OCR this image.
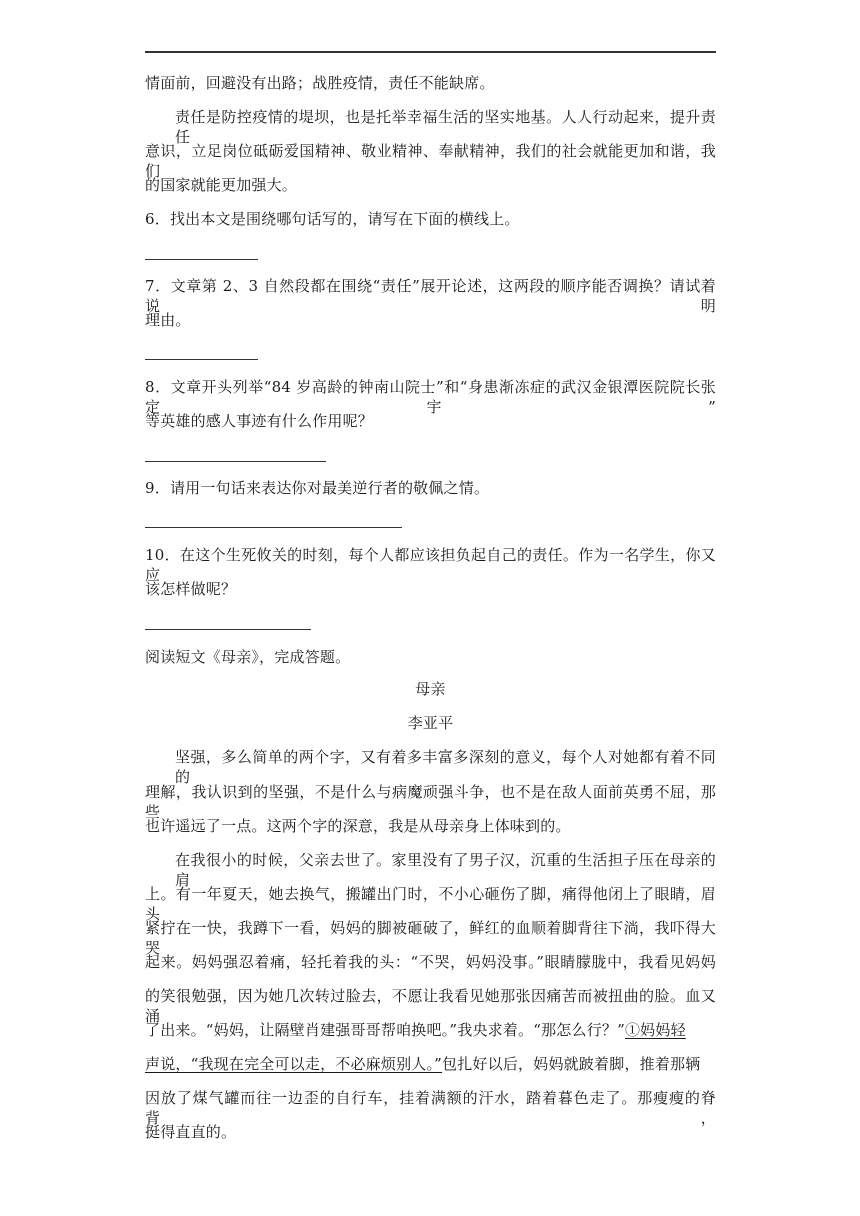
情面前，回避没有出路；战胜疫情，责任不能缺席。
责任是防控疫情的堤坝，也是托举幸福生活的坚实地基。人人行动起来，提升责任
意识，立足岗位砥砺爱国精神、敬业精神、奉献精神，我们的社会就能更加和谐，我们
的国家就能更加强大。
6．找出本文是围绕哪句话写的，请写在下面的横线上。
7．文章第 2、3 自然段都在围绕“责任”展开论述，这两段的顺序能否调换？请试着说明
理由。
8．文章开头列举“84 岁高龄的钟南山院士”和“身患渐冻症的武汉金银潭医院院长张定宇”
等英雄的感人事迹有什么作用呢？
9．请用一句话来表达你对最美逆行者的敬佩之情。
10．在这个生死攸关的时刻，每个人都应该担负起自己的责任。作为一名学生，你又应
该怎样做呢？
阅读短文《母亲》，完成答题。
母亲
李亚平
坚强，多么简单的两个字，又有着多丰富多深刻的意义，每个人对她都有着不同的
理解，我认识到的坚强，不是什么与病魔顽强斗争，也不是在敌人面前英勇不屈，那些
也许遥远了一点。这两个字的深意，我是从母亲身上体味到的。
在我很小的时候，父亲去世了。家里没有了男子汉，沉重的生活担子压在母亲的肩
上。有一年夏天，她去换气，搬罐出门时，不小心砸伤了脚，痛得他闭上了眼睛，眉头
紧拧在一快，我蹲下一看，妈妈的脚被砸破了，鲜红的血顺着脚背往下淌，我吓得大哭
起来。妈妈强忍着痛，轻托着我的头：“不哭，妈妈没事。”眼睛朦胧中，我看见妈妈
的笑很勉强，因为她几次转过脸去，不愿让我看见她那张因痛苦而被扭曲的脸。血又涌
了出来。“妈妈，让隔壁肖建强哥哥帮咱换吧。”我央求着。“那怎么行？”①妈妈轻
声说，“我现在完全可以走，不必麻烦别人。”包扎好以后，妈妈就跛着脚，推着那辆
因放了煤气罐而往一边歪的自行车，挂着满额的汗水，踏着暮色走了。那瘦瘦的脊背，
挺得直直的。
